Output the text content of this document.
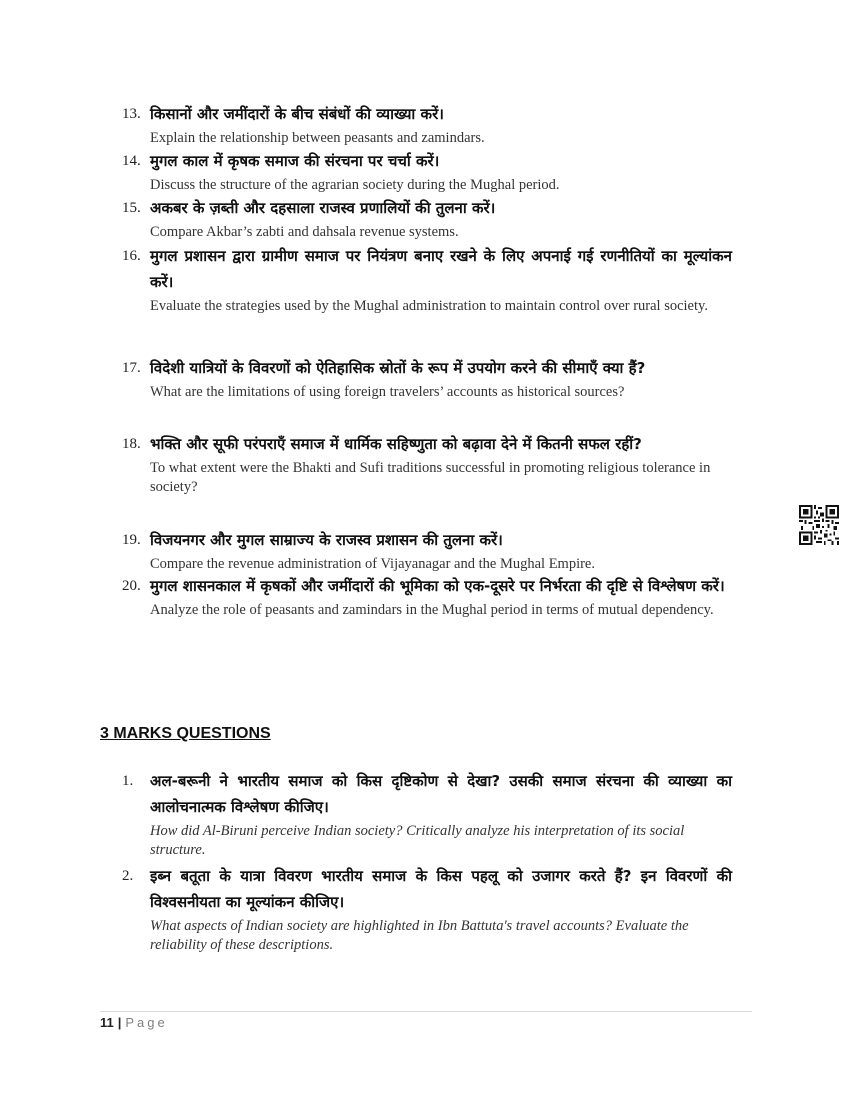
13. किसानों और जमींदारों के बीच संबंधों की व्याख्या करें।
Explain the relationship between peasants and zamindars.
14. मुगल काल में कृषक समाज की संरचना पर चर्चा करें।
Discuss the structure of the agrarian society during the Mughal period.
15. अकबर के ज़ब्ती और दहसाला राजस्व प्रणालियों की तुलना करें।
Compare Akbar’s zabti and dahsala revenue systems.
16. मुगल प्रशासन द्वारा ग्रामीण समाज पर नियंत्रण बनाए रखने के लिए अपनाई गई रणनीतियों का मूल्यांकन करें।
Evaluate the strategies used by the Mughal administration to maintain control over rural society.
17. विदेशी यात्रियों के विवरणों को ऐतिहासिक स्रोतों के रूप में उपयोग करने की सीमाएँ क्या हैं?
What are the limitations of using foreign travelers’ accounts as historical sources?
18. भक्ति और सूफी परंपराएँ समाज में धार्मिक सहिष्णुता को बढ़ावा देने में कितनी सफल रहीं?
To what extent were the Bhakti and Sufi traditions successful in promoting religious tolerance in society?
19. विजयनगर और मुगल साम्राज्य के राजस्व प्रशासन की तुलना करें।
Compare the revenue administration of Vijayanagar and the Mughal Empire.
20. मुगल शासनकाल में कृषकों और जमींदारों की भूमिका को एक-दूसरे पर निर्भरता की दृष्टि से विश्लेषण करें।
Analyze the role of peasants and zamindars in the Mughal period in terms of mutual dependency.
3 MARKS QUESTIONS
1.	अल-बरूनी ने भारतीय समाज को किस दृष्टिकोण से देखा? उसकी समाज संरचना की व्याख्या का आलोचनात्मक विश्लेषण कीजिए।
How did Al-Biruni perceive Indian society? Critically analyze his interpretation of its social structure.
2.	इब्न बतूता के यात्रा विवरण भारतीय समाज के किस पहलू को उजागर करते हैं? इन विवरणों की विश्वसनीयता का मूल्यांकन कीजिए।
What aspects of Indian society are highlighted in Ibn Battuta's travel accounts? Evaluate the reliability of these descriptions.
11 | Page
